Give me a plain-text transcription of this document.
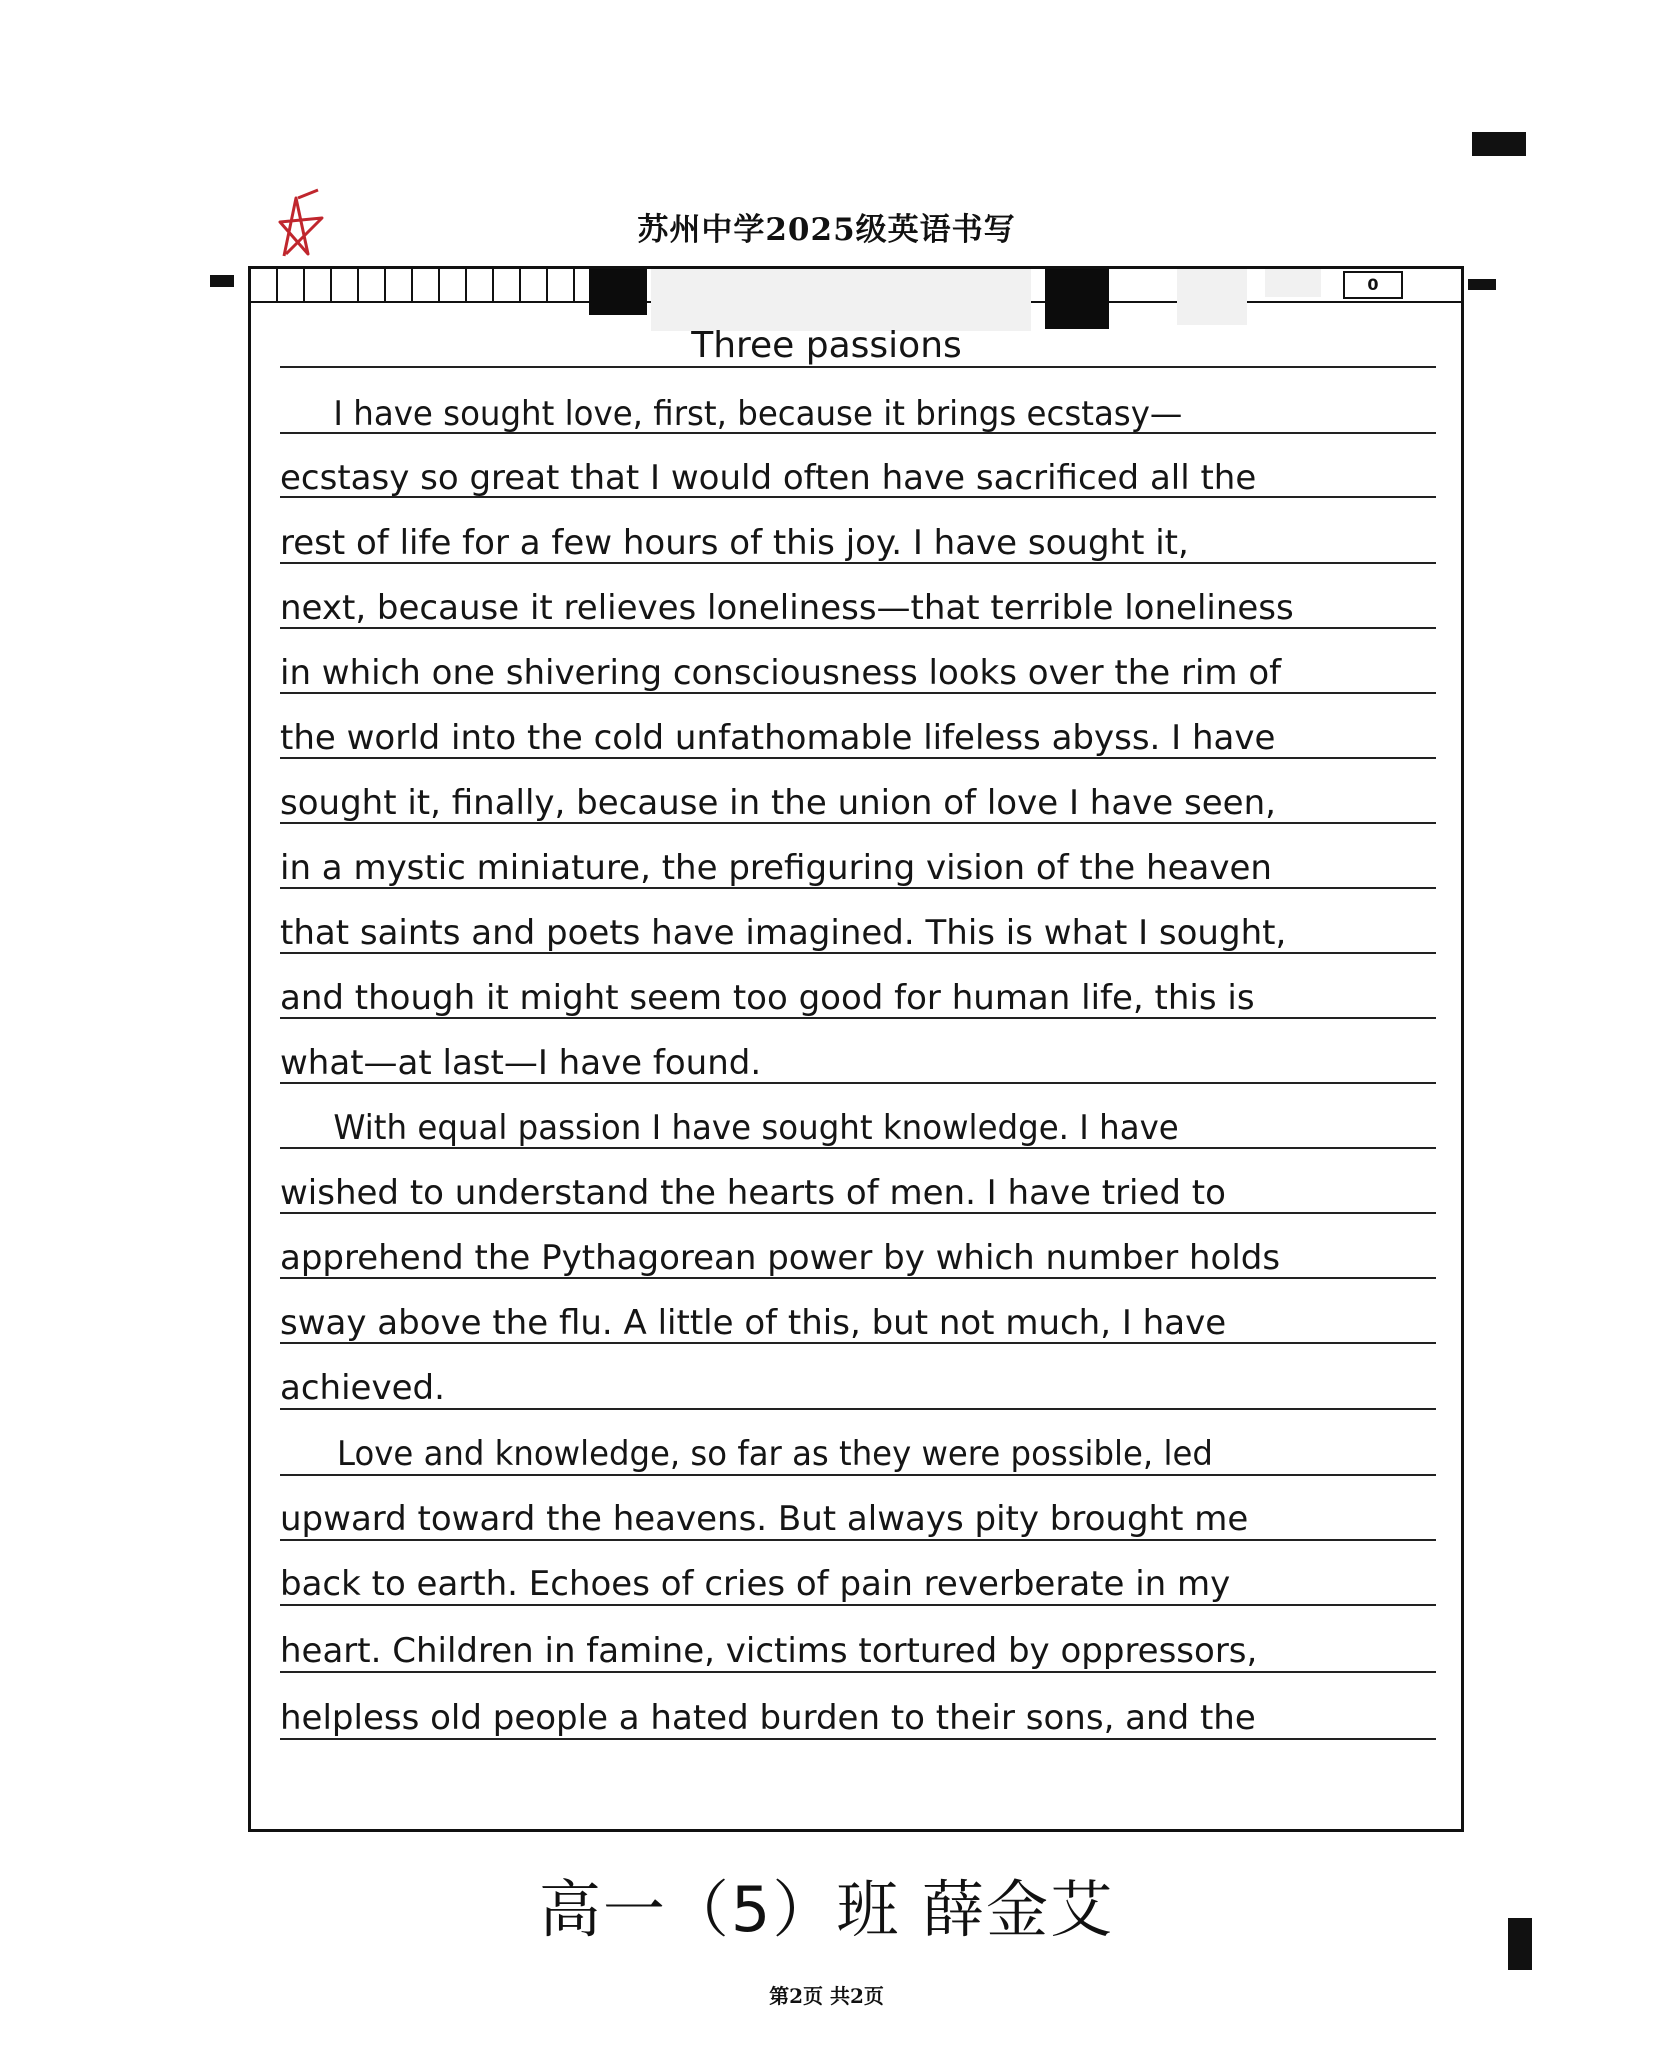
苏州中学2025级英语书写
0
Three passions
I have sought love, first, because it brings ecstasy—
ecstasy so great that I would often have sacrificed all the
rest of life for a few hours of this joy. I have sought it,
next, because it relieves loneliness—that terrible loneliness
in which one shivering consciousness looks over the rim of
the world into the cold unfathomable lifeless abyss. I have
sought it, finally, because in the union of love I have seen,
in a mystic miniature, the prefiguring vision of the heaven
that saints and poets have imagined. This is what I sought,
and though it might seem too good for human life, this is
what—at last—I have found.
With equal passion I have sought knowledge. I have
wished to understand the hearts of men. I have tried to
apprehend the Pythagorean power by which number holds
sway above the flu. A little of this, but not much, I have
achieved.
Love and knowledge, so far as they were possible, led
upward toward the heavens. But always pity brought me
back to earth. Echoes of cries of pain reverberate in my
heart. Children in famine, victims tortured by oppressors,
helpless old people a hated burden to their sons, and the
高一（5）班 薛金艾
第2页 共2页
